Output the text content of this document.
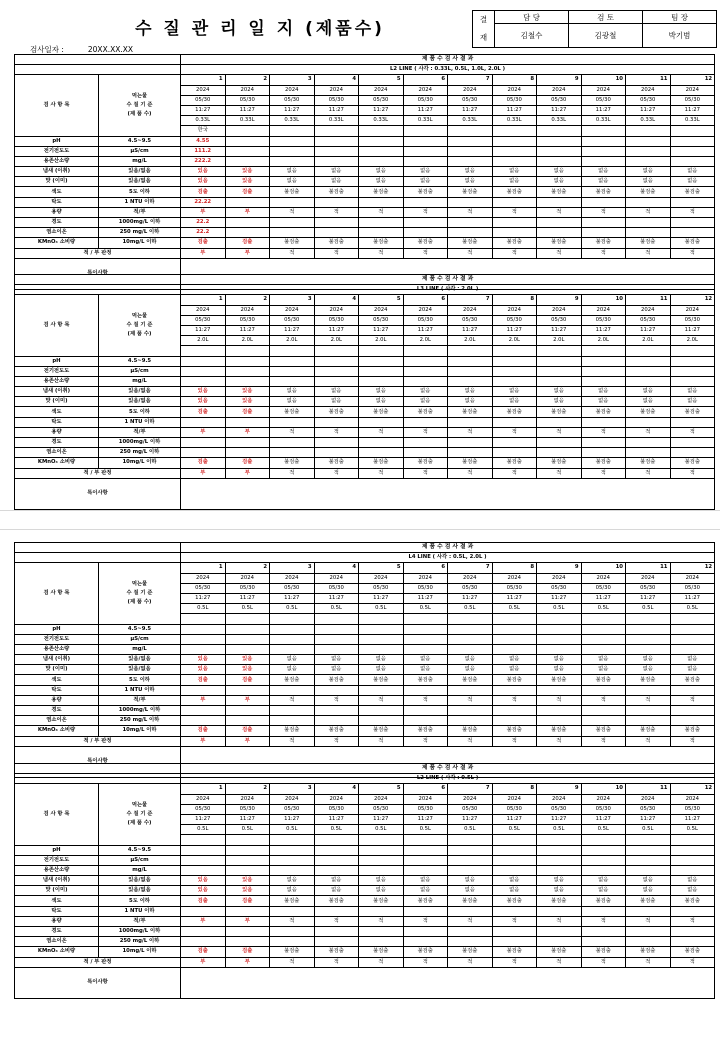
수 질 관 리 일 지 (제품수)
검사일자 :	20XX.XX.XX
결
재	담 당	검 토	팀 장
	김철수	김광철	박기범
		제 품 수 검 사 결 과											
		L2 LINE ( 사각 : 0.33L, 0.5L, 1.0L, 2.0L )											
검 사 항 목	먹는물
수 질 기 준
(제 품 수)	1	2	3	4	5	6	7	8	9	10	11	12
		2024	2024	2024	2024	2024	2024	2024	2024	2024	2024	2024	2024
		05/30	05/30	05/30	05/30	05/30	05/30	05/30	05/30	05/30	05/30	05/30	05/30
		11:27	11:27	11:27	11:27	11:27	11:27	11:27	11:27	11:27	11:27	11:27	11:27
		0.33L	0.33L	0.33L	0.33L	0.33L	0.33L	0.33L	0.33L	0.33L	0.33L	0.33L	0.33L
		한국											
pH	4.5~9.5	4.55											
전기전도도	µS/cm	111.2											
용존산소량	mg/L	222.2											
냄새 (이취)	있음/없음	있음	있음	없음	없음	없음	없음	없음	없음	없음	없음	없음	없음
맛 (이미)	있음/없음	있음	있음	없음	없음	없음	없음	없음	없음	없음	없음	없음	없음
색도	5도 이하	검출	검출	불검출	불검출	불검출	불검출	불검출	불검출	불검출	불검출	불검출	불검출
탁도	1 NTU 이하	22.22											
용량	적/부	부	부	적	적	적	적	적	적	적	적	적	적
경도	1000mg/L 이하	22.2											
염소이온	250 mg/L 이하	22.2											
KMnO₄ 소비량	10mg/L 이하	검출	검출	불검출	불검출	불검출	불검출	불검출	불검출	불검출	불검출	불검출	불검출
적 / 부 판정		부	부	적	적	적	적	적	적	적	적	적	적
특이사항													
		제 품 수 검 사 결 과											
		L3 LINE ( 사각 : 2.0L )											
검 사 항 목	먹는물
수 질 기 준
(제 품 수)	1	2	3	4	5	6	7	8	9	10	11	12
		2024	2024	2024	2024	2024	2024	2024	2024	2024	2024	2024	2024
		05/30	05/30	05/30	05/30	05/30	05/30	05/30	05/30	05/30	05/30	05/30	05/30
		11:27	11:27	11:27	11:27	11:27	11:27	11:27	11:27	11:27	11:27	11:27	11:27
		2.0L	2.0L	2.0L	2.0L	2.0L	2.0L	2.0L	2.0L	2.0L	2.0L	2.0L	2.0L

pH	4.5~9.5												
전기전도도	µS/cm												
용존산소량	mg/L												
냄새 (이취)	있음/없음	있음	있음	없음	없음	없음	없음	없음	없음	없음	없음	없음	없음
맛 (이미)	있음/없음	있음	있음	없음	없음	없음	없음	없음	없음	없음	없음	없음	없음
색도	5도 이하	검출	검출	불검출	불검출	불검출	불검출	불검출	불검출	불검출	불검출	불검출	불검출
탁도	1 NTU 이하												
용량	적/부	부	부	적	적	적	적	적	적	적	적	적	적
경도	1000mg/L 이하												
염소이온	250 mg/L 이하												
KMnO₄ 소비량	10mg/L 이하	검출	검출	불검출	불검출	불검출	불검출	불검출	불검출	불검출	불검출	불검출	불검출
적 / 부 판정		부	부	적	적	적	적	적	적	적	적	적	적
특이사항													
		제 품 수 검 사 결 과											
		L4 LINE ( 사각 : 0.5L, 2.0L )											
검 사 항 목	먹는물
수 질 기 준
(제 품 수)	1	2	3	4	5	6	7	8	9	10	11	12
		2024	2024	2024	2024	2024	2024	2024	2024	2024	2024	2024	2024
		05/30	05/30	05/30	05/30	05/30	05/30	05/30	05/30	05/30	05/30	05/30	05/30
		11:27	11:27	11:27	11:27	11:27	11:27	11:27	11:27	11:27	11:27	11:27	11:27
		0.5L	0.5L	0.5L	0.5L	0.5L	0.5L	0.5L	0.5L	0.5L	0.5L	0.5L	0.5L

pH	4.5~9.5												
전기전도도	µS/cm												
용존산소량	mg/L												
냄새 (이취)	있음/없음	있음	있음	없음	없음	없음	없음	없음	없음	없음	없음	없음	없음
맛 (이미)	있음/없음	있음	있음	없음	없음	없음	없음	없음	없음	없음	없음	없음	없음
색도	5도 이하	검출	검출	불검출	불검출	불검출	불검출	불검출	불검출	불검출	불검출	불검출	불검출
탁도	1 NTU 이하												
용량	적/부	부	부	적	적	적	적	적	적	적	적	적	적
경도	1000mg/L 이하												
염소이온	250 mg/L 이하												
KMnO₄ 소비량	10mg/L 이하	검출	검출	불검출	불검출	불검출	불검출	불검출	불검출	불검출	불검출	불검출	불검출
적 / 부 판정		부	부	적	적	적	적	적	적	적	적	적	적
특이사항													
		제 품 수 검 사 결 과											
		L2 LINE ( 사각 : 0.5L )											
검 사 항 목	먹는물
수 질 기 준
(제 품 수)	1	2	3	4	5	6	7	8	9	10	11	12
		2024	2024	2024	2024	2024	2024	2024	2024	2024	2024	2024	2024
		05/30	05/30	05/30	05/30	05/30	05/30	05/30	05/30	05/30	05/30	05/30	05/30
		11:27	11:27	11:27	11:27	11:27	11:27	11:27	11:27	11:27	11:27	11:27	11:27
		0.5L	0.5L	0.5L	0.5L	0.5L	0.5L	0.5L	0.5L	0.5L	0.5L	0.5L	0.5L

pH	4.5~9.5												
전기전도도	µS/cm												
용존산소량	mg/L												
냄새 (이취)	있음/없음	있음	있음	없음	없음	없음	없음	없음	없음	없음	없음	없음	없음
맛 (이미)	있음/없음	있음	있음	없음	없음	없음	없음	없음	없음	없음	없음	없음	없음
색도	5도 이하	검출	검출	불검출	불검출	불검출	불검출	불검출	불검출	불검출	불검출	불검출	불검출
탁도	1 NTU 이하												
용량	적/부	부	부	적	적	적	적	적	적	적	적	적	적
경도	1000mg/L 이하												
염소이온	250 mg/L 이하												
KMnO₄ 소비량	10mg/L 이하	검출	검출	불검출	불검출	불검출	불검출	불검출	불검출	불검출	불검출	불검출	불검출
적 / 부 판정		부	부	적	적	적	적	적	적	적	적	적	적
특이사항													
